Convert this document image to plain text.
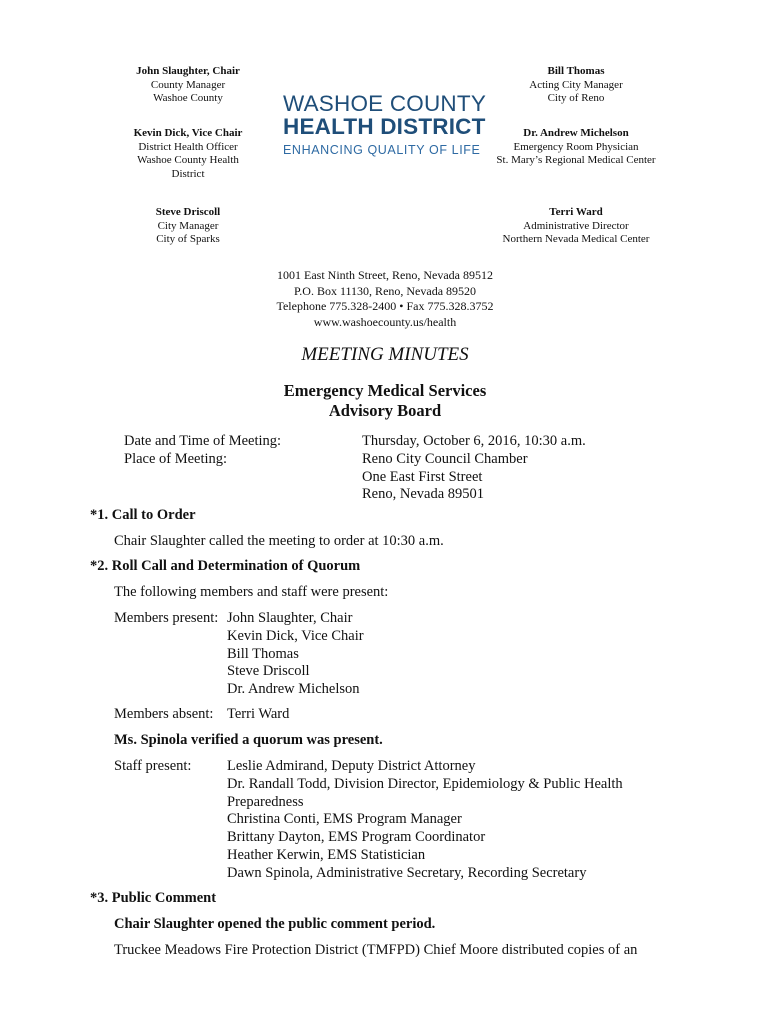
John Slaughter, Chair
County Manager
Washoe County
Kevin Dick, Vice Chair
District Health Officer
Washoe County Health
District
Steve Driscoll
City Manager
City of Sparks
Bill Thomas
Acting City Manager
City of Reno
Dr. Andrew Michelson
Emergency Room Physician
St. Mary’s Regional Medical Center
Terri Ward
Administrative Director
Northern Nevada Medical Center
WASHOE COUNTY
HEALTH DISTRICT
ENHANCING QUALITY OF LIFE
1001 East Ninth Street, Reno, Nevada 89512
P.O. Box 11130, Reno, Nevada 89520
Telephone 775.328-2400 • Fax 775.328.3752
www.washoecounty.us/health
MEETING MINUTES
Emergency Medical Services
Advisory Board
Date and Time of Meeting:	Thursday, October 6, 2016, 10:30 a.m.
Place of Meeting:	Reno City Council Chamber
One East First Street
Reno, Nevada 89501
*1. Call to Order
Chair Slaughter called the meeting to order at 10:30 a.m.
*2. Roll Call and Determination of Quorum
The following members and staff were present:
Members present: John Slaughter, Chair
Kevin Dick, Vice Chair
Bill Thomas
Steve Driscoll
Dr. Andrew Michelson
Members absent: Terri Ward
Ms. Spinola verified a quorum was present.
Staff present: Leslie Admirand, Deputy District Attorney
Dr. Randall Todd, Division Director, Epidemiology & Public Health
Preparedness
Christina Conti, EMS Program Manager
Brittany Dayton, EMS Program Coordinator
Heather Kerwin, EMS Statistician
Dawn Spinola, Administrative Secretary, Recording Secretary
*3. Public Comment
Chair Slaughter opened the public comment period.
Truckee Meadows Fire Protection District (TMFPD) Chief Moore distributed copies of an
